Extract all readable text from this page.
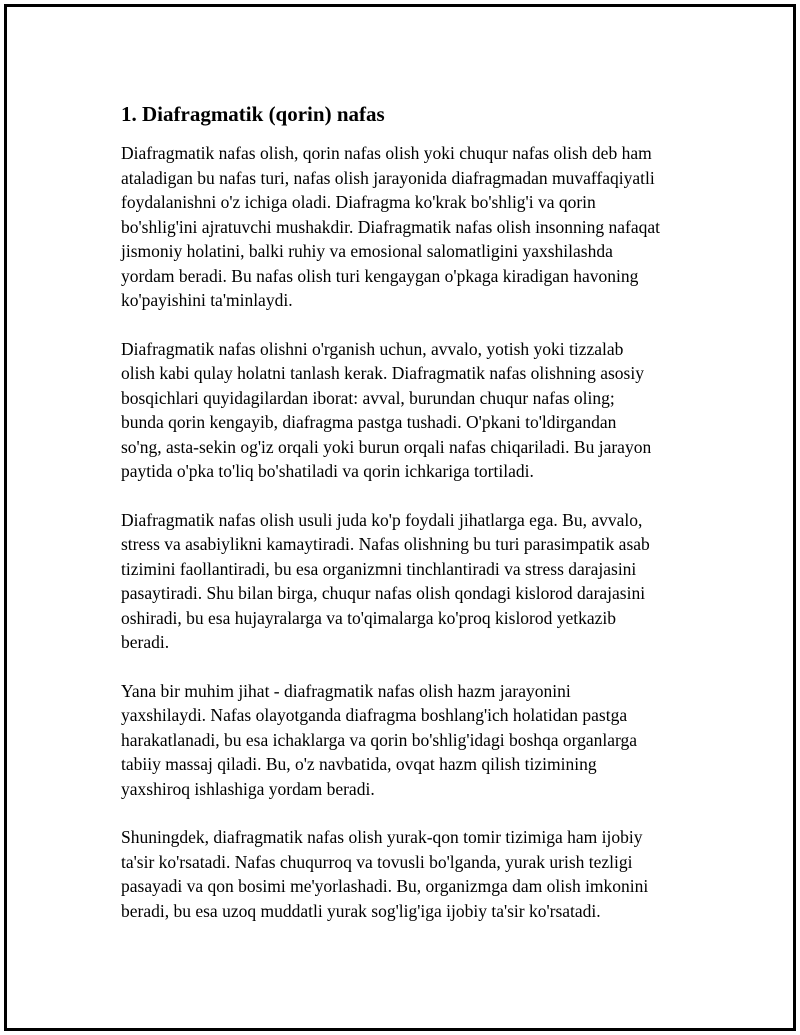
1. Diafragmatik (qorin) nafas

Diafragmatik nafas olish, qorin nafas olish yoki chuqur nafas olish deb ham
ataladigan bu nafas turi, nafas olish jarayonida diafragmadan muvaffaqiyatli
foydalanishni o'z ichiga oladi. Diafragma ko'krak bo'shlig'i va qorin
bo'shlig'ini ajratuvchi mushakdir. Diafragmatik nafas olish insonning nafaqat
jismoniy holatini, balki ruhiy va emosional salomatligini yaxshilashda
yordam beradi. Bu nafas olish turi kengaygan o'pkaga kiradigan havoning
ko'payishini ta'minlaydi.

Diafragmatik nafas olishni o'rganish uchun, avvalo, yotish yoki tizzalab
olish kabi qulay holatni tanlash kerak. Diafragmatik nafas olishning asosiy
bosqichlari quyidagilardan iborat: avval, burundan chuqur nafas oling;
bunda qorin kengayib, diafragma pastga tushadi. O'pkani to'ldirgandan
so'ng, asta-sekin og'iz orqali yoki burun orqali nafas chiqariladi. Bu jarayon
paytida o'pka to'liq bo'shatiladi va qorin ichkariga tortiladi.

Diafragmatik nafas olish usuli juda ko'p foydali jihatlarga ega. Bu, avvalo,
stress va asabiylikni kamaytiradi. Nafas olishning bu turi parasimpatik asab
tizimini faollantiradi, bu esa organizmni tinchlantiradi va stress darajasini
pasaytiradi. Shu bilan birga, chuqur nafas olish qondagi kislorod darajasini
oshiradi, bu esa hujayralarga va to'qimalarga ko'proq kislorod yetkazib
beradi.

Yana bir muhim jihat - diafragmatik nafas olish hazm jarayonini
yaxshilaydi. Nafas olayotganda diafragma boshlang'ich holatidan pastga
harakatlanadi, bu esa ichaklarga va qorin bo'shlig'idagi boshqa organlarga
tabiiy massaj qiladi. Bu, o'z navbatida, ovqat hazm qilish tizimining
yaxshiroq ishlashiga yordam beradi.

Shuningdek, diafragmatik nafas olish yurak-qon tomir tizimiga ham ijobiy
ta'sir ko'rsatadi. Nafas chuqurroq va tovusli bo'lganda, yurak urish tezligi
pasayadi va qon bosimi me'yorlashadi. Bu, organizmga dam olish imkonini
beradi, bu esa uzoq muddatli yurak sog'lig'iga ijobiy ta'sir ko'rsatadi.
